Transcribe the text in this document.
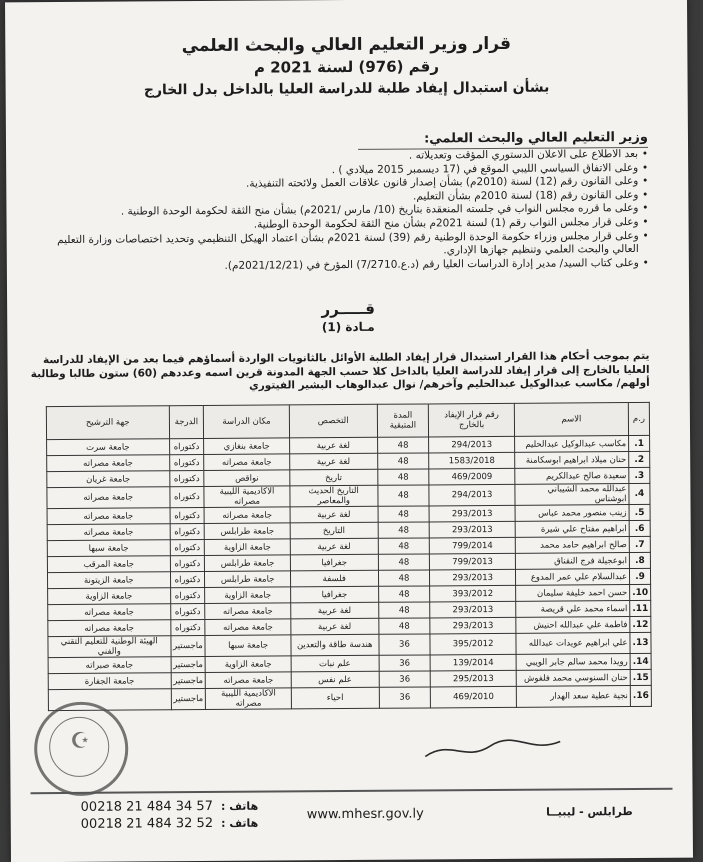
قرار وزير التعليم العالي والبحث العلمي
رقم (976) لسنة 2021 م
بشأن استبدال إيفاد طلبة للدراسة العليا بالداخل بدل الخارج
وزير التعليم العالي والبحث العلمي:
• بعد الاطلاع على الاعلان الدستوري المؤقت وتعديلاته .
• وعلى الاتفاق السياسي الليبي الموقع في (17 ديسمبر 2015 ميلادي ) .
• وعلى القانون رقم (12) لسنة (2010م) بشأن إصدار قانون علاقات العمل ولائحته التنفيذية.
• وعلى القانون رقم (18) لسنة 2010م بشأن التعليم.
• وعلى ما قرره مجلس النواب في جلسته المنعقدة بتاريخ (10/ مارس /2021م) بشأن منح الثقة لحكومة الوحدة الوطنية .
• وعلى قرار مجلس النواب رقم (1) لسنة 2021م بشأن منح الثقة لحكومة الوحدة الوطنية.
• وعلى قرار مجلس وزراء حكومة الوحدة الوطنية رقم (39) لسنة 2021م بشأن اعتماد الهيكل التنظيمي وتحديد اختصاصات وزارة التعليم العالي والبحث العلمي وتنظيم جهازها الإداري.
• وعلى كتاب السيد/ مدير إدارة الدراسات العليا رقم (د.ع.7/2710) المؤرخ في (2021/12/21م).
قـــــرر
مـادة (1)
يتم بموجب أحكام هذا القرار استبدال قرار إيفاد الطلبة الأوائل بالثانويات الواردة أسماؤهم فيما بعد من الإيفاد للدراسة العليا بالخارج إلى قرار إيفاد للدراسة العليا بالداخل كلا حسب الجهة المدونة قرين اسمه وعددهم (60) ستون طالبا وطالبة أولهم/ مكاسب عبدالوكيل عبدالحليم وآخرهم/ نوال عبدالوهاب البشير الفيتوري
ر.م	الاسم	رقم قرار الإيفاد بالخارج	المدة المتبقية	التخصص	مكان الدراسة	الدرجة	جهة الترشيح
1.	مكاسب عبدالوكيل عبدالحليم	294/2013	48	لغة عربية	جامعة بنغازي	دكتوراه	جامعة سرت
2.	حنان ميلاد ابراهيم ابوسكامنة	1583/2018	48	لغة عربية	جامعة مصراته	دكتوراه	جامعة مصراته
3.	سعيدة صالح عبدالكريم	469/2009	48	تاريخ	نواقص	دكتوراه	جامعة غريان
4.	عبدالله محمد الشيباني ابوشناس	294/2013	48	التاريخ الحديث والمعاصر	الاكاديمية الليبية مصراته	دكتوراه	جامعة مصراته
5.	زينب منصور محمد عباس	293/2013	48	لغة عربية	جامعة مصراته	دكتوراه	جامعة مصراته
6.	ابراهيم مفتاح علي شيرة	293/2013	48	التاريخ	جامعة طرابلس	دكتوراه	جامعة مصراته
7.	صالح ابراهيم حامد محمد	799/2014	48	لغة عربية	جامعة الزاوية	دكتوراه	جامعة سبها
8.	ابوعجيلة فرج النقناق	799/2013	48	جغرافيا	جامعة طرابلس	دكتوراه	جامعة المرقب
9.	عبدالسلام علي عمر المدوع	293/2013	48	فلسفة	جامعة طرابلس	دكتوراه	جامعة الزيتونة
10.	حسن احمد خليفة سليمان	393/2012	48	جغرافيا	جامعة الزاوية	دكتوراه	جامعة الزاوية
11.	اسماء محمد علي قريصة	293/2013	48	لغة عربية	جامعة مصراته	دكتوراه	جامعة مصراته
12.	فاطمة علي عبدالله احنيش	293/2013	48	لغة عربية	جامعة مصراته	دكتوراه	جامعة مصراته
13.	علي ابراهيم عويدات عبدالله	395/2012	36	هندسة طاقة والتعدين	جامعة سبها	ماجستير	الهيئة الوطنية للتعليم التقني والفني
14.	رويدا محمد سالم جابر الويبي	139/2014	36	علم نبات	جامعة الزاوية	ماجستير	جامعة صبراته
15.	حنان السنوسي محمد فلفوش	295/2013	36	علم نفس	جامعة مصراته	ماجستير	جامعة الجفارة
16.	نجية عطية سعد الهدار	469/2010	36	احياء	الاكاديمية الليبية مصراته	ماجستير	
☪
00218 21 484 34 57 هاتف :
00218 21 484 32 52 هاتف :
www.mhesr.gov.ly	طرابلس - ليبيــا
